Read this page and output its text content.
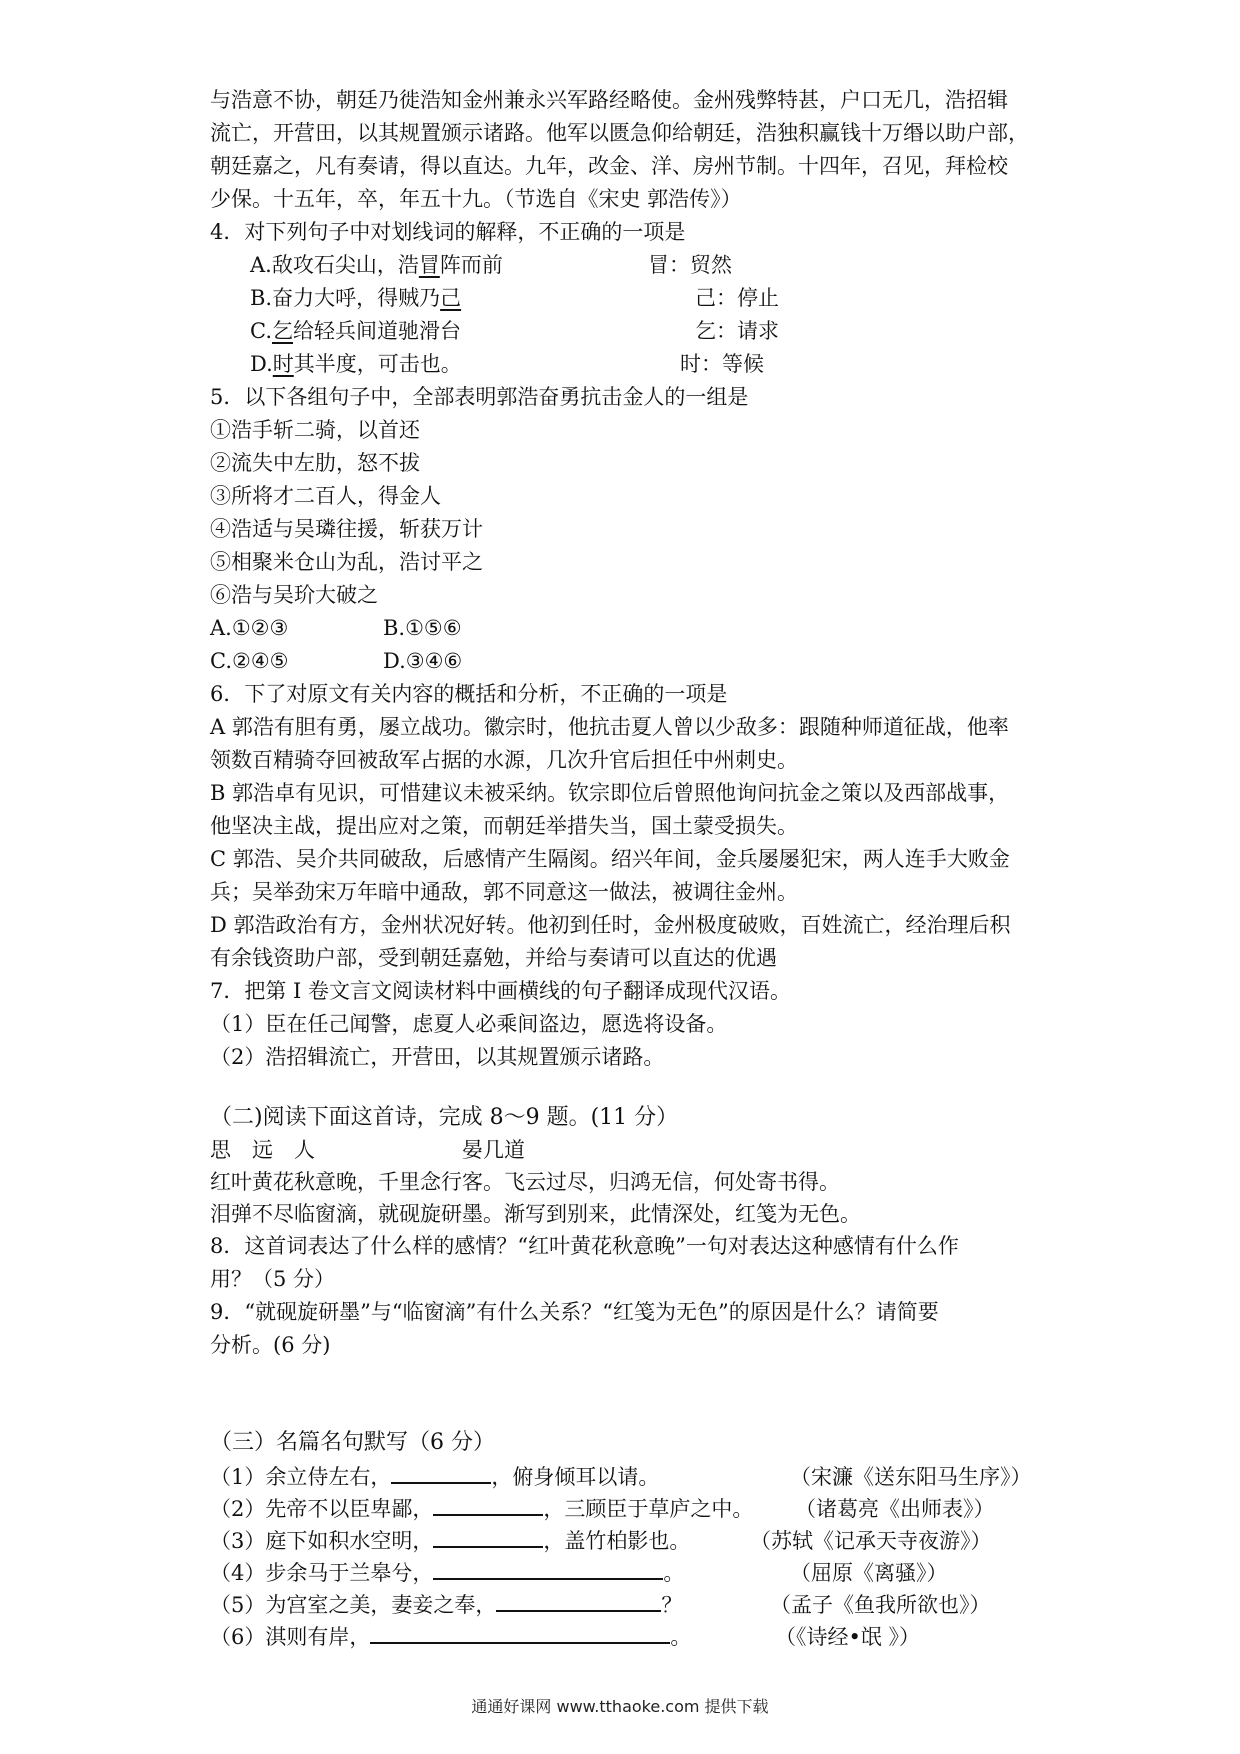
与浩意不协，朝廷乃徙浩知金州兼永兴军路经略使。金州残弊特甚，户口无几，浩招辑
流亡，开营田，以其规置颁示诸路。他军以匮急仰给朝廷，浩独积赢钱十万缗以助户部，
朝廷嘉之，凡有奏请，得以直达。九年，改金、洋、房州节制。十四年，召见，拜检校
少保。十五年，卒，年五十九。（节选自《宋史 郭浩传》）
4．对下列句子中对划线词的解释，不正确的一项是
A.敌攻石尖山，浩冒阵而前	冒：贸然
B.奋力大呼，得贼乃己	己：停止
C.乞给轻兵间道驰滑台	乞：请求
D.时其半度，可击也。	时：等候
5．以下各组句子中，全部表明郭浩奋勇抗击金人的一组是
①浩手斩二骑，以首还
②流失中左肋，怒不拔
③所将才二百人，得金人
④浩适与吴璘往援，斩获万计
⑤相聚米仓山为乱，浩讨平之
⑥浩与吴玠大破之
A.①②③	B.①⑤⑥
C.②④⑤	D.③④⑥
6．下了对原文有关内容的概括和分析，不正确的一项是
A 郭浩有胆有勇，屡立战功。徽宗时，他抗击夏人曾以少敌多：跟随种师道征战，他率
领数百精骑夺回被敌军占据的水源，几次升官后担任中州刺史。
B 郭浩卓有见识，可惜建议未被采纳。钦宗即位后曾照他询问抗金之策以及西部战事，
他坚决主战，提出应对之策，而朝廷举措失当，国土蒙受损失。
C 郭浩、吴介共同破敌，后感情产生隔阂。绍兴年间，金兵屡屡犯宋，两人连手大败金
兵；吴举劲宋万年暗中通敌，郭不同意这一做法，被调往金州。
D 郭浩政治有方，金州状况好转。他初到任时，金州极度破败，百姓流亡，经治理后积
有余钱资助户部，受到朝廷嘉勉，并给与奏请可以直达的优遇
7．把第 I 卷文言文阅读材料中画横线的句子翻译成现代汉语。
（1）臣在任己闻警，虑夏人必乘间盗边，愿选将设备。
（2）浩招辑流亡，开营田，以其规置颁示诸路。
（二)阅读下面这首诗，完成 8～9 题。(11 分）
思　远　人	晏几道
红叶黄花秋意晚，千里念行客。飞云过尽，归鸿无信，何处寄书得。
泪弹不尽临窗滴，就砚旋研墨。渐写到别来，此情深处，红笺为无色。
8．这首词表达了什么样的感情？“红叶黄花秋意晚”一句对表达这种感情有什么作
用？（5 分）
9．“就砚旋研墨”与“临窗滴”有什么关系？“红笺为无色”的原因是什么？请简要
分析。(6 分)
（三）名篇名句默写（6 分）
（1）余立侍左右，	，俯身倾耳以请。	（宋濂《送东阳马生序》）
（2）先帝不以臣卑鄙，	，三顾臣于草庐之中。 （诸葛亮《出师表》）
（3）庭下如积水空明，	，盖竹柏影也。	（苏轼《记承天寺夜游》）
（4）步余马于兰皋兮，	。	（屈原《离骚》）
（5）为宫室之美，妻妾之奉，	？	（孟子《鱼我所欲也》）
（6）淇则有岸，	。	（《诗经•氓 》）
通通好课网 www.tthaoke.com 提供下载
